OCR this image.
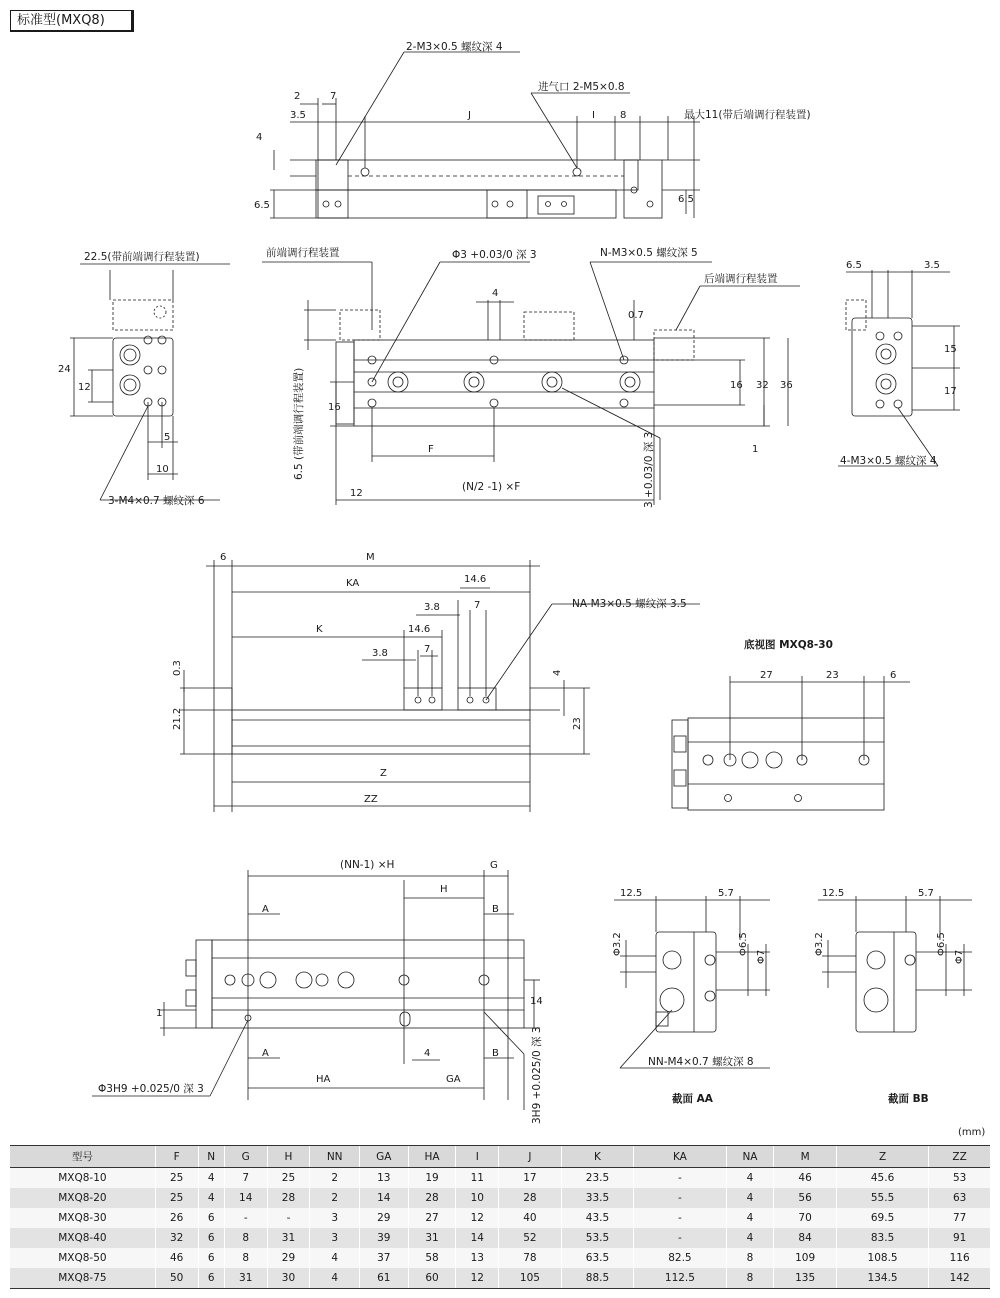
标准型(MXQ8)
(mm)
2-M3×0.5 螺纹深 4
进气口 2-M5×0.8
最大11(带后端调行程装置)
2	7
3.5	J	I	8
4
6.5
6.5
22.5(带前端调行程装置)
24
12
5
10
3-M4×0.7 螺纹深 6
前端调行程装置	Φ3 +0.03/0 深 3	N-M3×0.5 螺纹深 5
后端调行程装置
4
0.7
16
16 32 36
1
F
12
(N/2 -1) ×F
6.5 (带前端调行程装置)	3 +0.03/0 深 3
6.5	3.5
15
17
4-M3×0.5 螺纹深 4
6	M
KA	14.6
3.8	7
K	14.6
3.8	7
NA-M3×0.5 螺纹深 3.5
0.3
21.2
4
23
Z
ZZ
底视图 MXQ8-30
27	23	6
(NN-1) ×H	G
H
A	B
A	B
4
1
14
HA	GA
Φ3H9 +0.025/0 深 3	3H9 +0.025/0 深 3
12.5	5.7
Φ3.2	Φ6.5
Φ7
NN-M4×0.7 螺纹深 8
截面 AA
12.5	5.7
Φ3.2	Φ6.5
Φ7
截面 BB
型号	F	N	G	H	NN	GA	HA	I	J	K	KA	NA	M	Z	ZZ
MXQ8-10	25	4	7	25	2	13	19	11	17	23.5	-	4	46	45.6	53
MXQ8-20	25	4	14	28	2	14	28	10	28	33.5	-	4	56	55.5	63
MXQ8-30	26	6	-	-	3	29	27	12	40	43.5	-	4	70	69.5	77
MXQ8-40	32	6	8	31	3	39	31	14	52	53.5	-	4	84	83.5	91
MXQ8-50	46	6	8	29	4	37	58	13	78	63.5	82.5	8	109	108.5	116
MXQ8-75	50	6	31	30	4	61	60	12	105	88.5	112.5	8	135	134.5	142
